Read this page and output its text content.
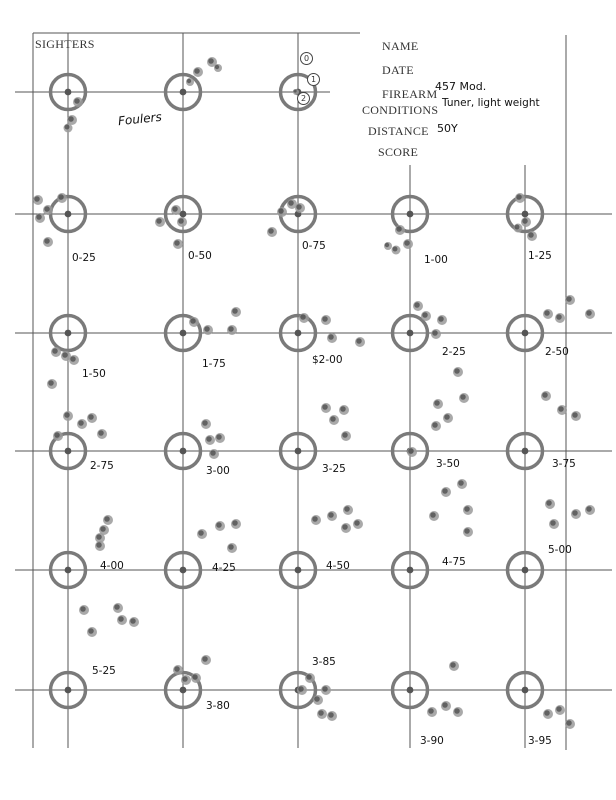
SIGHTERS	NAME
DATE
FIREARM
457 Mod.
CONDITIONS Tuner, light weight
DISTANCE 50Y
SCORE
Foulers
0
1
2
0-25	0-50
0-75
1-00	1-25
1-50
1-75	$2-00
2-25	2-50
2-75	3-00	3-25	3-50	3-75
4-00	4-25	4-50	4-75
5-00
5-25
3-80
3-85
3-90	3-95
